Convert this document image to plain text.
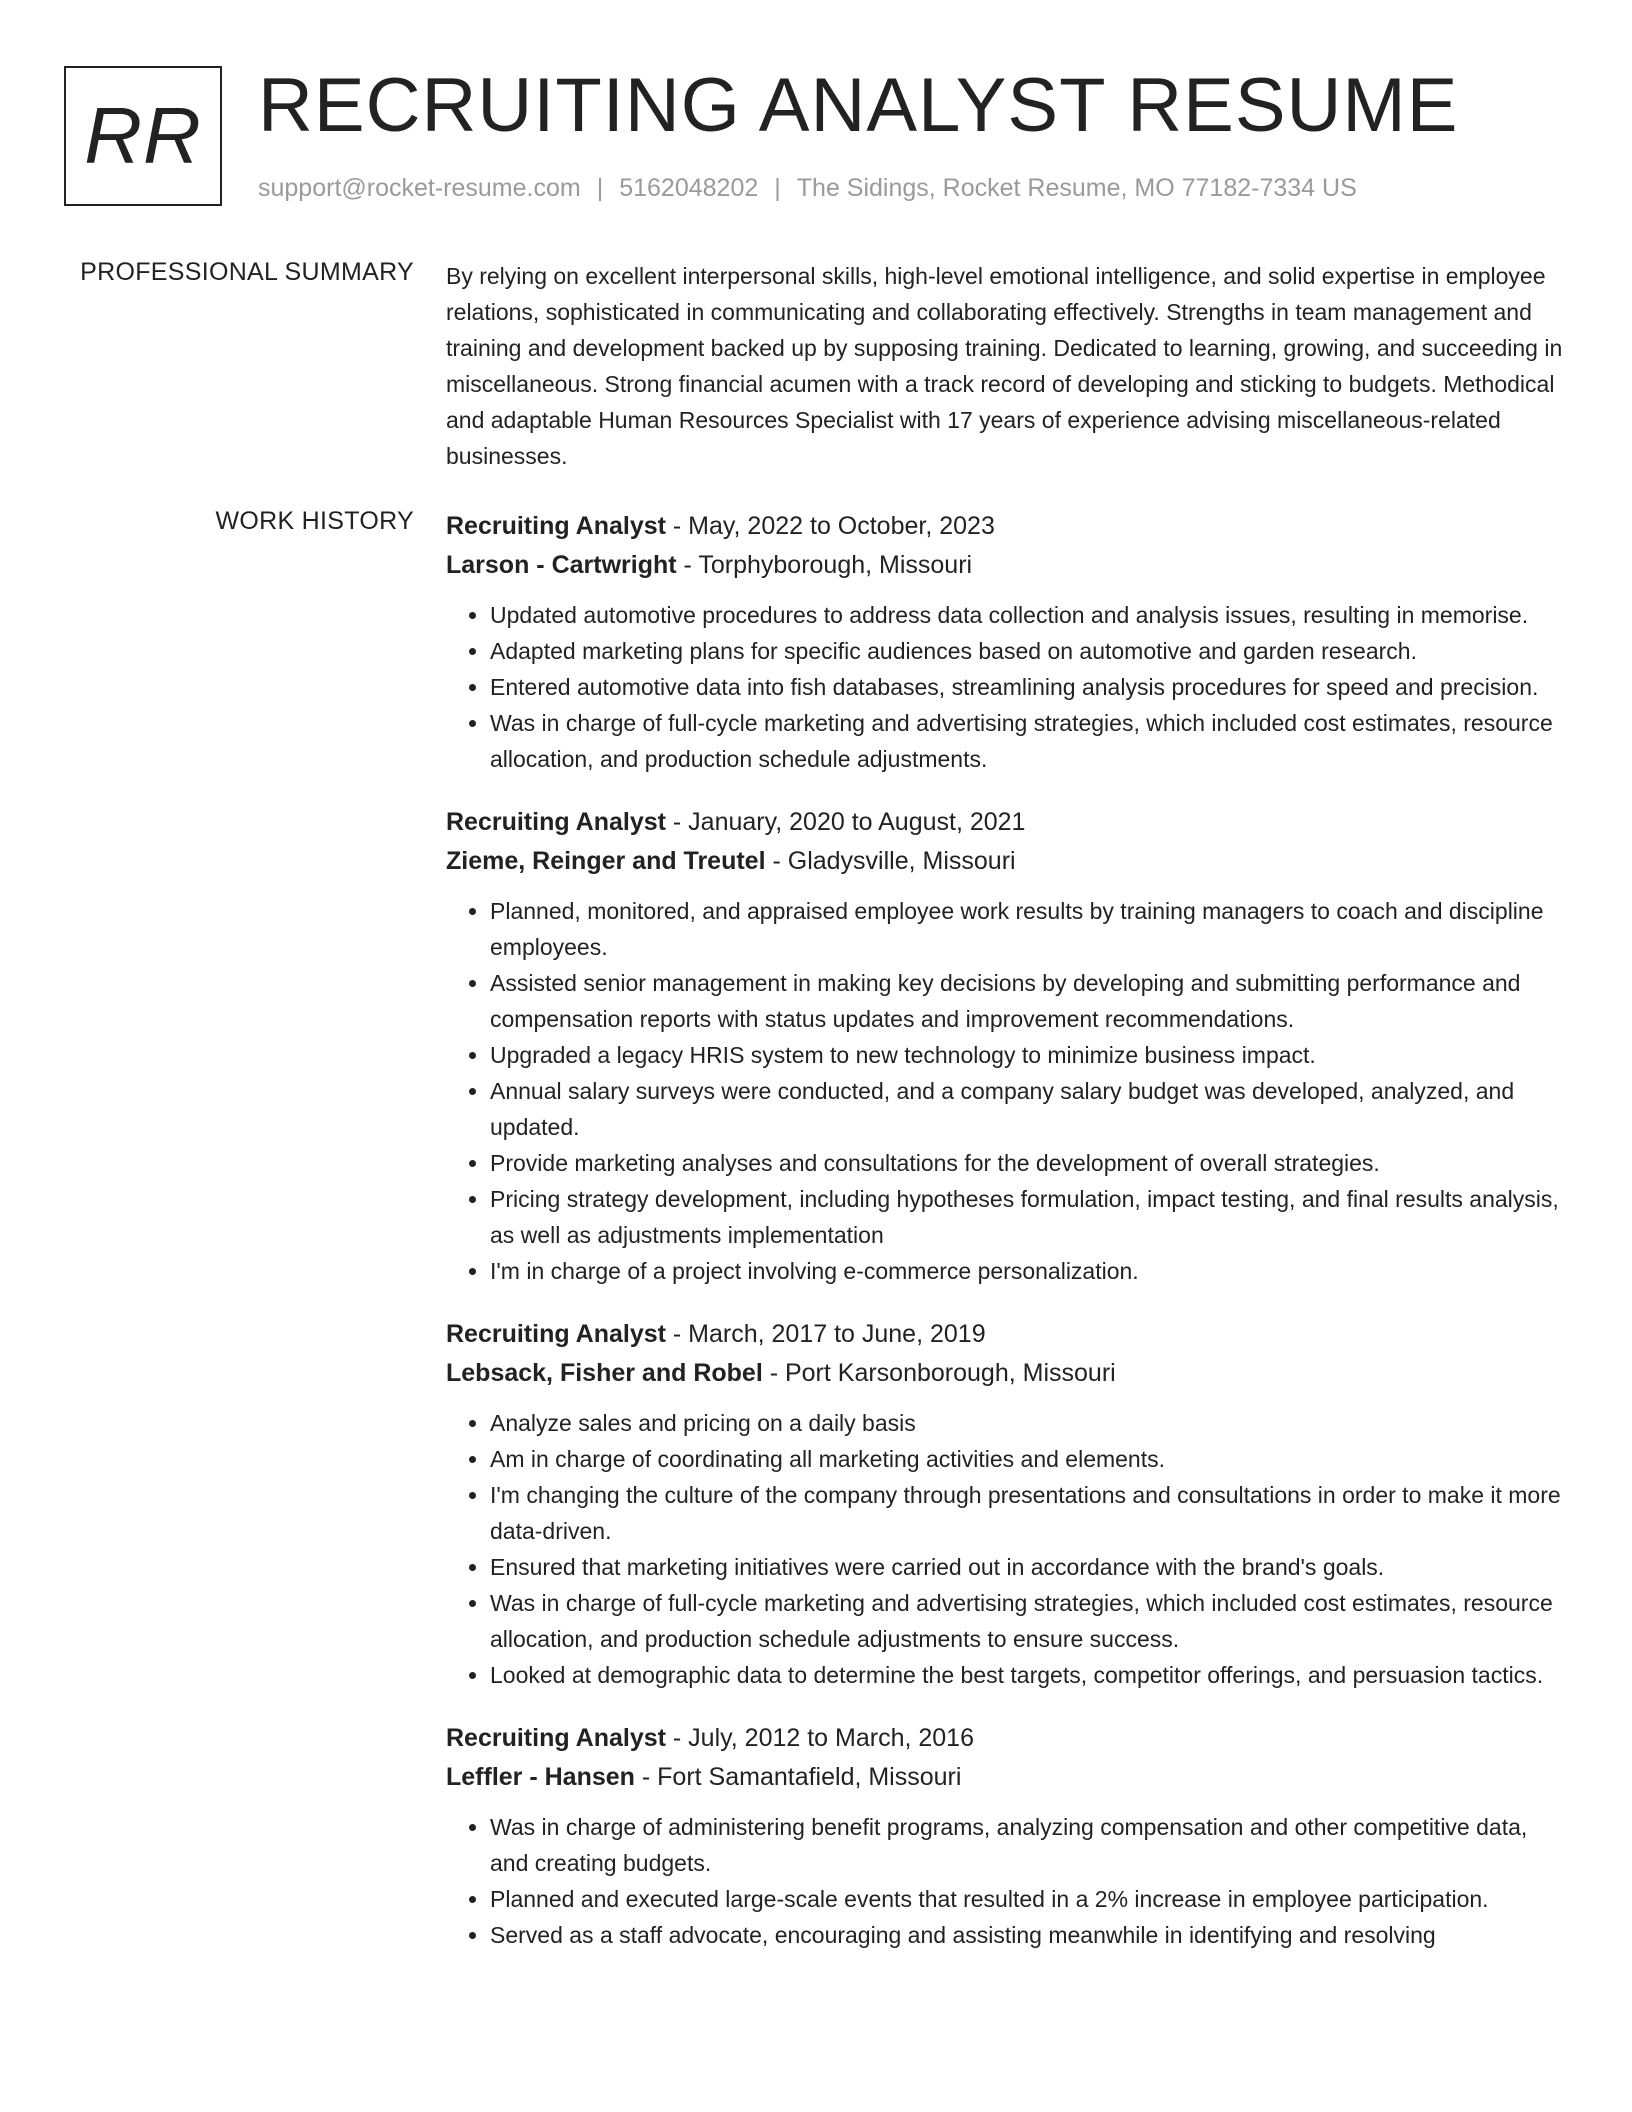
RR RECRUITING ANALYST RESUME
support@rocket-resume.com | 5162048202 | The Sidings, Rocket Resume, MO 77182-7334 US
PROFESSIONAL SUMMARY By relying on excellent interpersonal skills, high-level emotional intelligence, and solid expertise in employee relations, sophisticated in communicating and collaborating effectively. Strengths in team management and training and development backed up by supposing training. Dedicated to learning, growing, and succeeding in miscellaneous. Strong financial acumen with a track record of developing and sticking to budgets. Methodical and adaptable Human Resources Specialist with 17 years of experience advising miscellaneous-related businesses.

WORK HISTORY Recruiting Analyst - May, 2022 to October, 2023
Larson - Cartwright - Torphyborough, Missouri
• Updated automotive procedures to address data collection and analysis issues, resulting in memorise.
• Adapted marketing plans for specific audiences based on automotive and garden research.
• Entered automotive data into fish databases, streamlining analysis procedures for speed and precision.
• Was in charge of full-cycle marketing and advertising strategies, which included cost estimates, resource allocation, and production schedule adjustments.
Recruiting Analyst - January, 2020 to August, 2021
Zieme, Reinger and Treutel - Gladysville, Missouri
• Planned, monitored, and appraised employee work results by training managers to coach and discipline employees.
• Assisted senior management in making key decisions by developing and submitting performance and compensation reports with status updates and improvement recommendations.
• Upgraded a legacy HRIS system to new technology to minimize business impact.
• Annual salary surveys were conducted, and a company salary budget was developed, analyzed, and updated.
• Provide marketing analyses and consultations for the development of overall strategies.
• Pricing strategy development, including hypotheses formulation, impact testing, and final results analysis, as well as adjustments implementation
• I'm in charge of a project involving e-commerce personalization.
Recruiting Analyst - March, 2017 to June, 2019
Lebsack, Fisher and Robel - Port Karsonborough, Missouri
• Analyze sales and pricing on a daily basis
• Am in charge of coordinating all marketing activities and elements.
• I'm changing the culture of the company through presentations and consultations in order to make it more data-driven.
• Ensured that marketing initiatives were carried out in accordance with the brand's goals.
• Was in charge of full-cycle marketing and advertising strategies, which included cost estimates, resource allocation, and production schedule adjustments to ensure success.
• Looked at demographic data to determine the best targets, competitor offerings, and persuasion tactics.
Recruiting Analyst - July, 2012 to March, 2016
Leffler - Hansen - Fort Samantafield, Missouri
• Was in charge of administering benefit programs, analyzing compensation and other competitive data, and creating budgets.
• Planned and executed large-scale events that resulted in a 2% increase in employee participation.
• Served as a staff advocate, encouraging and assisting meanwhile in identifying and resolving
